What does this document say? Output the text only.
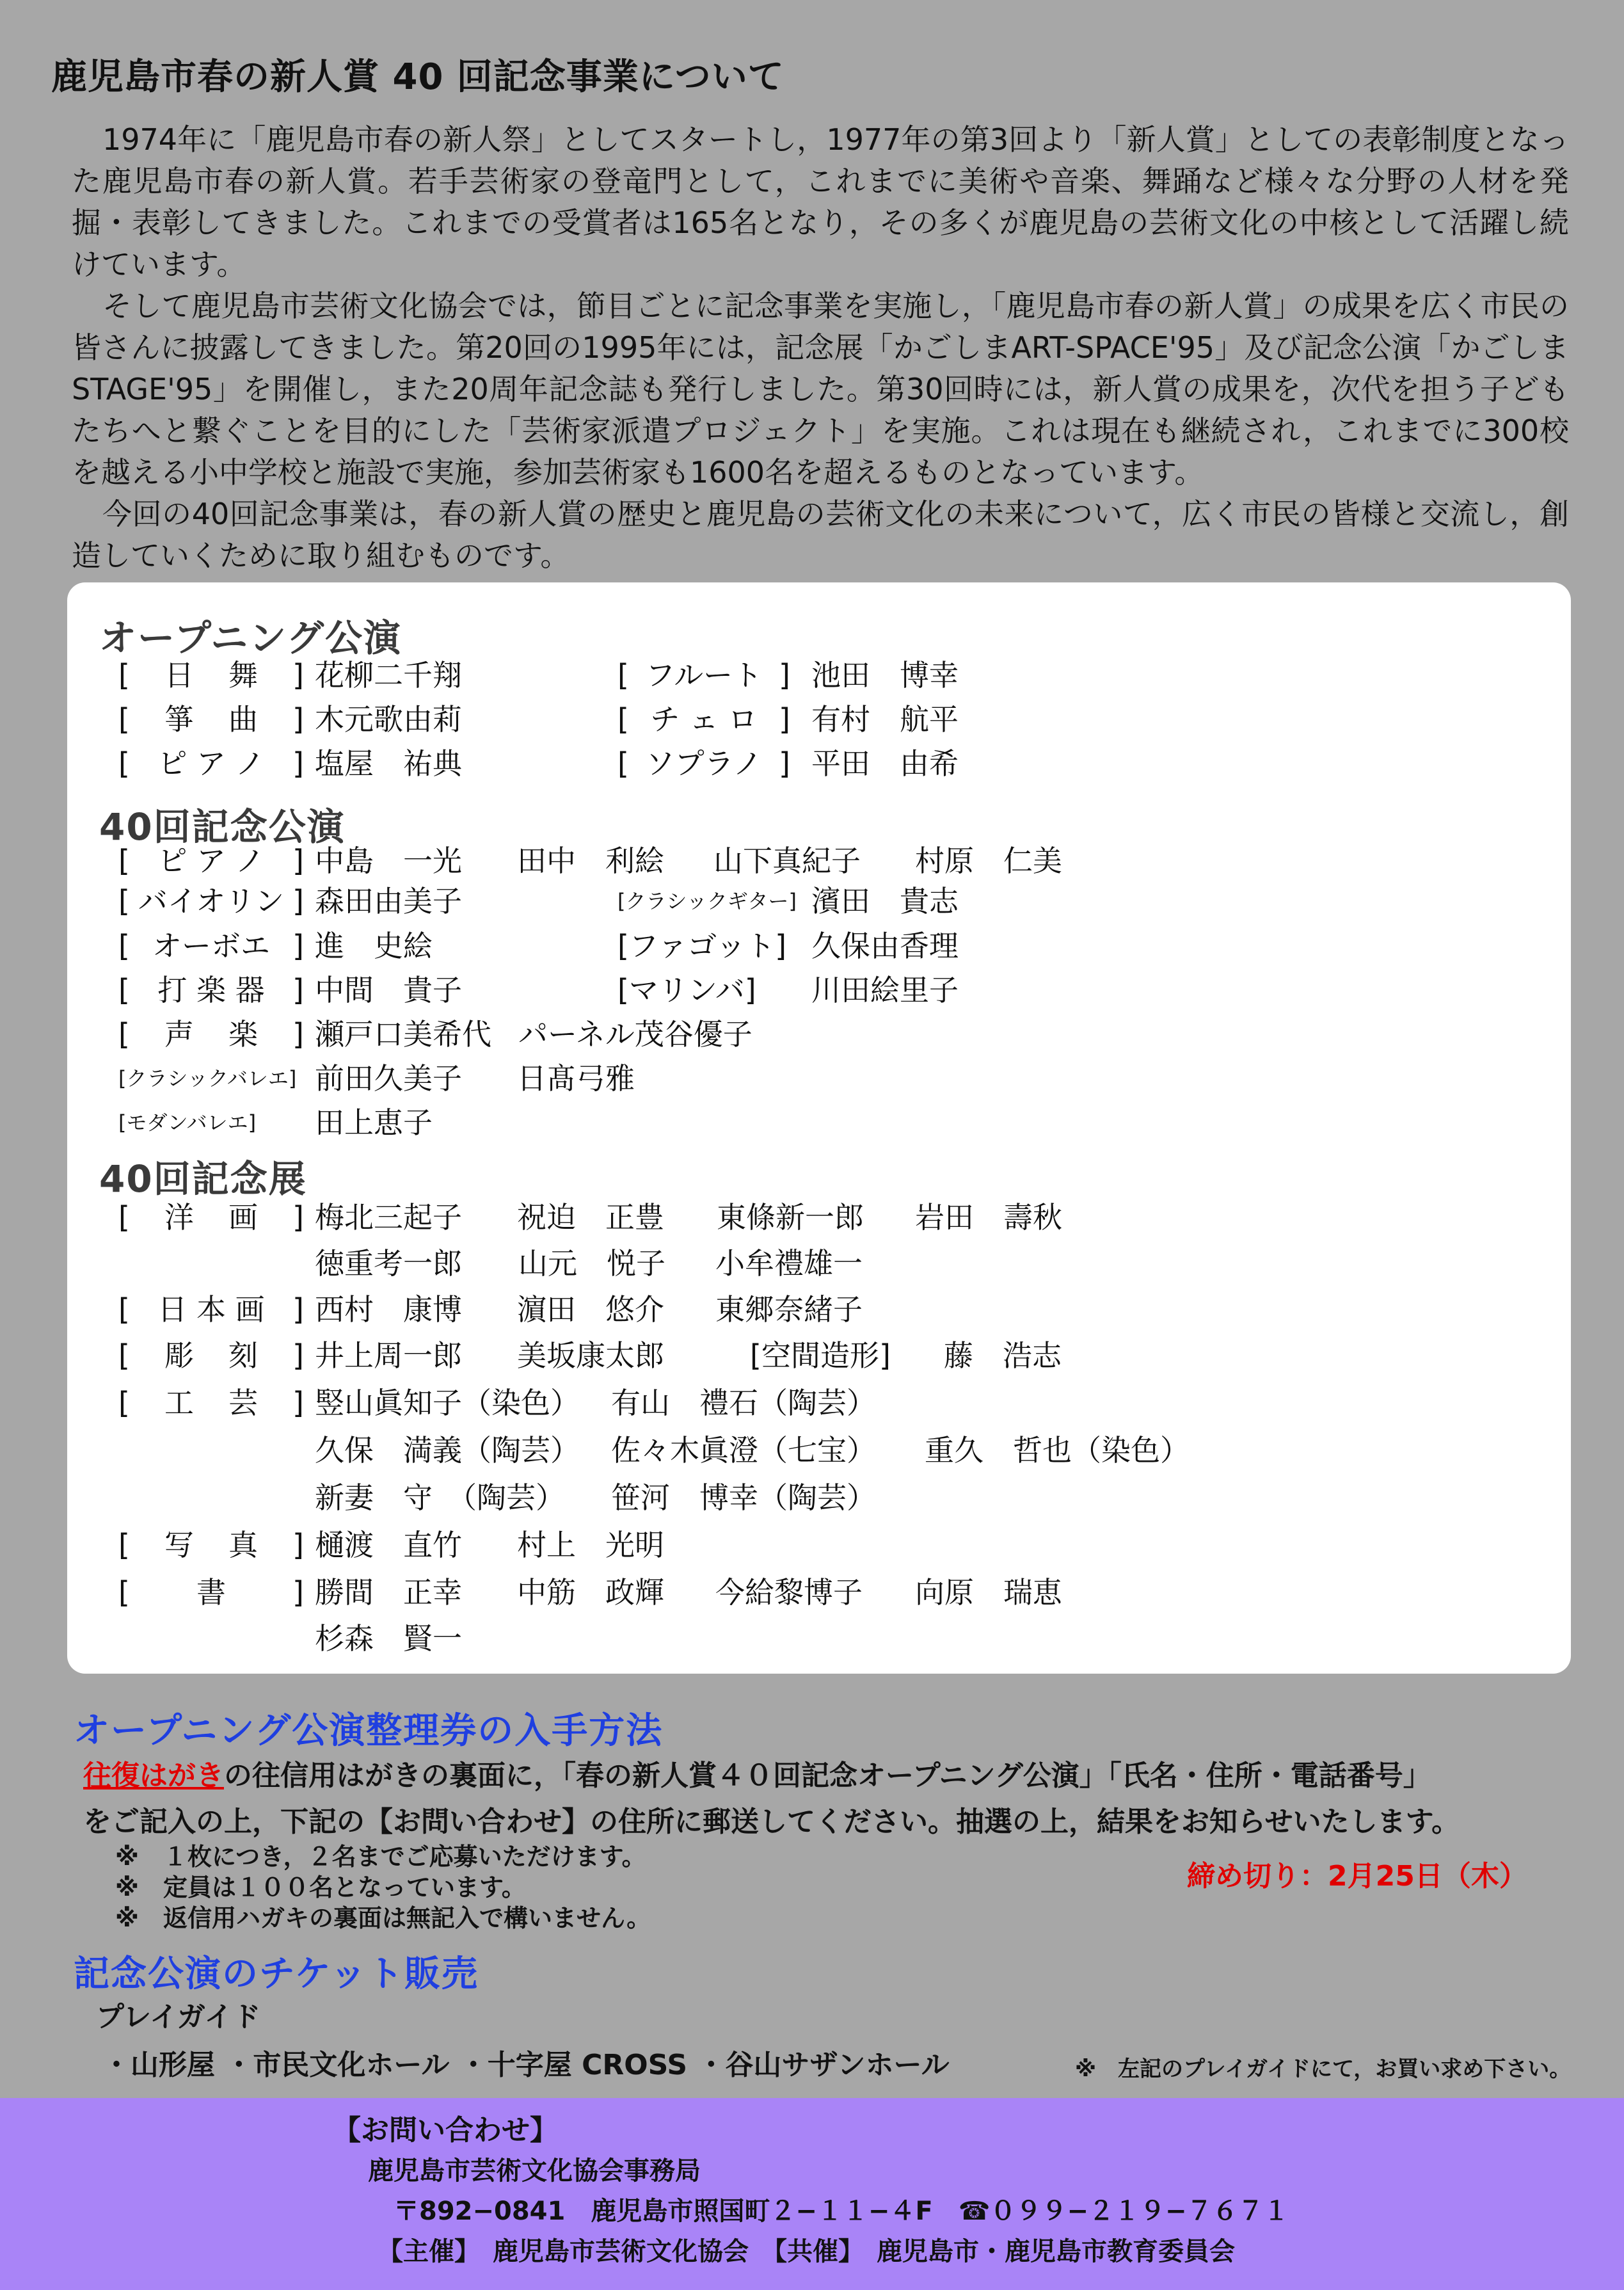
鹿児島市春の新人賞 40 回記念事業について

1974年に「鹿児島市春の新人祭」としてスタートし，1977年の第3回より「新人賞」としての表彰制度となった鹿児島市春の新人賞。若手芸術家の登竜門として，これまでに美術や音楽、舞踊など様々な分野の人材を発掘・表彰してきました。これまでの受賞者は165名となり，その多くが鹿児島の芸術文化の中核として活躍し続けています。

そして鹿児島市芸術文化協会では，節目ごとに記念事業を実施し，「鹿児島市春の新人賞」の成果を広く市民の皆さんに披露してきました。第20回の1995年には，記念展「かごしまART-SPACE'95」及び記念公演「かごしまSTAGE'95」を開催し，また20周年記念誌も発行しました。第30回時には，新人賞の成果を，次代を担う子どもたちへと繋ぐことを目的にした「芸術家派遣プロジェクト」を実施。これは現在も継続され，これまでに300校を越える小中学校と施設で実施，参加芸術家も1600名を超えるものとなっています。

今回の40回記念事業は，春の新人賞の歴史と鹿児島の芸術文化の未来について，広く市民の皆様と交流し，創造していくために取り組むものです。

オープニング公演
[ 日 舞 ] 花柳二千翔	[ フルート ] 池田　博幸
[ 箏 曲 ] 木元歌由莉	[ チ ェ ロ ] 有村　航平
[ ピ ア ノ ] 塩屋　祐典	[ ソプラノ ] 平田　由希
40回記念公演
[ ピ ア ノ ] 中島　一光 田中　利絵 山下真紀子 村原　仁美
[ バイオリン ] 森田由美子	[クラシックギター] 濱田　貴志
[ オーボエ ] 進　史絵	[ファゴット] 久保由香理
[ 打 楽 器 ] 中間　貴子	[マリンバ] 川田絵里子
[ 声 楽 ] 瀬戸口美希代 パーネル茂谷優子
[クラシックバレエ] 前田久美子 日髙弓雅
[モダンバレエ] 田上恵子
40回記念展
[ 洋 画 ] 梅北三起子 祝迫　正豊 東條新一郎 岩田　壽秋
徳重考一郎 山元　悦子 小牟禮雄一
[ 日 本 画 ] 西村　康博 濵田　悠介 東郷奈緒子
[ 彫 刻 ] 井上周一郎 美坂康太郎	[空間造形] 藤　浩志
[ 工 芸 ] 竪山眞知子（染色） 有山　禮石（陶芸）
久保　満義（陶芸） 佐々木眞澄（七宝） 重久　哲也（染色）
新妻　守　（陶芸） 笹河　博幸（陶芸）
[ 写 真 ] 樋渡　直竹 村上　光明
[ 書 ] 勝間　正幸 中筋　政輝 今給黎博子 向原　瑞恵
杉森　賢一
オープニング公演整理券の入手方法
往復はがきの往信用はがきの裏面に，「春の新人賞４０回記念オープニング公演」「氏名・住所・電話番号」
をご記入の上，下記の【お問い合わせ】の住所に郵送してください。抽選の上，結果をお知らせいたします。
※　１枚につき，２名までご応募いただけます。
※　定員は１００名となっています。
※　返信用ハガキの裏面は無記入で構いません。
締め切り：2月25日（木）
記念公演のチケット販売
プレイガイド
・山形屋 ・市民文化ホール ・十字屋 CROSS ・谷山サザンホール	※　左記のプレイガイドにて，お買い求め下さい。
【お問い合わせ】
鹿児島市芸術文化協会事務局
〒892−0841　鹿児島市照国町２−１１−４F　☎０９９−２１９−７６７１
【主催】　鹿児島市芸術文化協会　【共催】　鹿児島市・鹿児島市教育委員会
